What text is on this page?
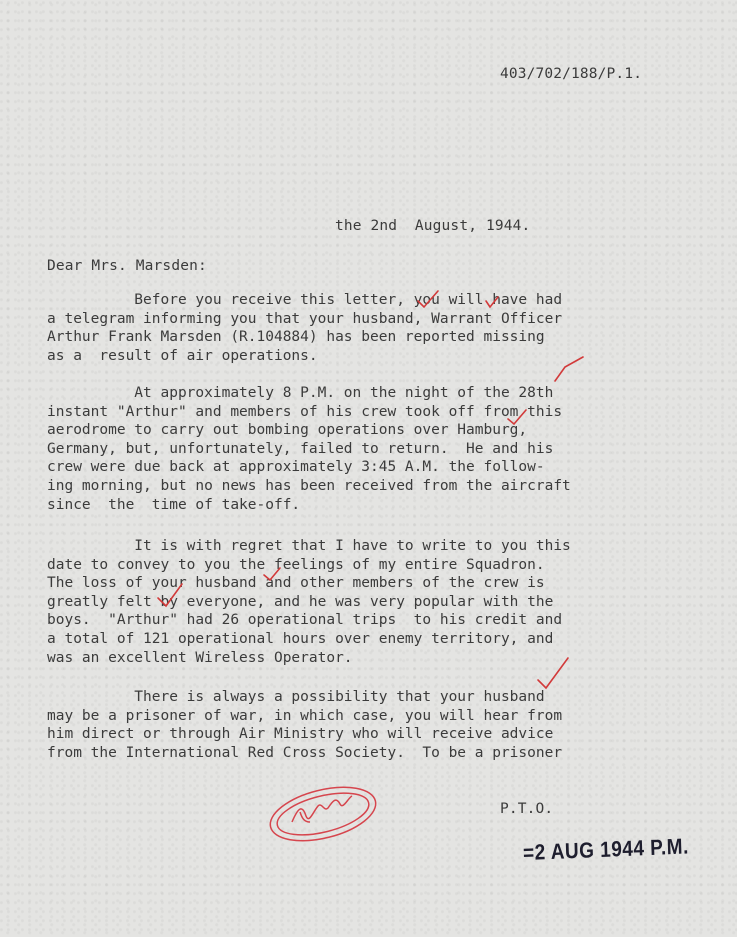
403/702/188/P.1.
the 2nd  August, 1944.
Dear Mrs. Marsden:
Before you receive this letter, you will have had
a telegram informing you that your husband, Warrant Officer
Arthur Frank Marsden (R.104884) has been reported missing
as a  result of air operations.
At approximately 8 P.M. on the night of the 28th
instant "Arthur" and members of his crew took off from this
aerodrome to carry out bombing operations over Hamburg,
Germany, but, unfortunately, failed to return.  He and his
crew were due back at approximately 3:45 A.M. the follow-
ing morning, but no news has been received from the aircraft
since  the  time of take-off.
It is with regret that I have to write to you this
date to convey to you the feelings of my entire Squadron.
The loss of your husband and other members of the crew is
greatly felt by everyone, and he was very popular with the
boys.  "Arthur" had 26 operational trips  to his credit and
a total of 121 operational hours over enemy territory, and
was an excellent Wireless Operator.
There is always a possibility that your husband
may be a prisoner of war, in which case, you will hear from
him direct or through Air Ministry who will receive advice
from the International Red Cross Society.  To be a prisoner
P.T.O.
=2 AUG 1944 P.M.
